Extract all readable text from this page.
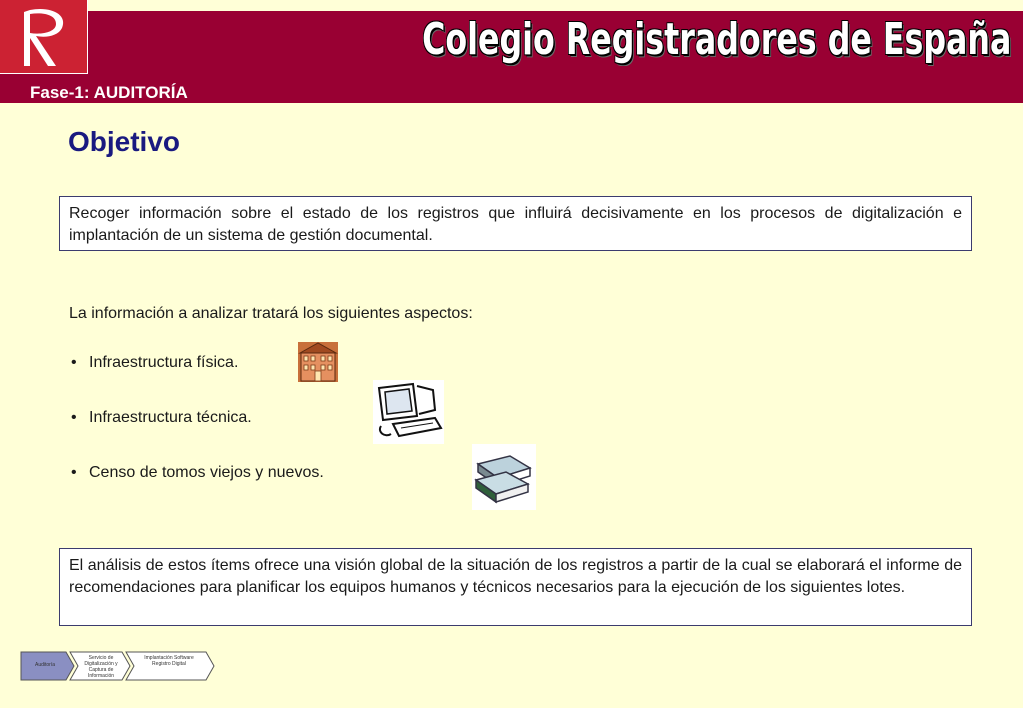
Fase-1: AUDITORÍA
Colegio Registradores de España
Objetivo
Recoger información sobre el estado de los registros que influirá decisivamente en los procesos de digitalización e implantación de un sistema de gestión documental.
La información a analizar tratará los siguientes aspectos:
• Infraestructura física.
• Infraestructura técnica.
• Censo de tomos viejos y nuevos.
El análisis de estos ítems ofrece una visión global de la situación de los registros a partir de la cual se elaborará el informe de recomendaciones para planificar los equipos humanos y técnicos necesarios para la ejecución de los siguientes lotes.
Auditoría
Servicio de Digitalización y Captura de Información
Implantación Software Registro Digital
